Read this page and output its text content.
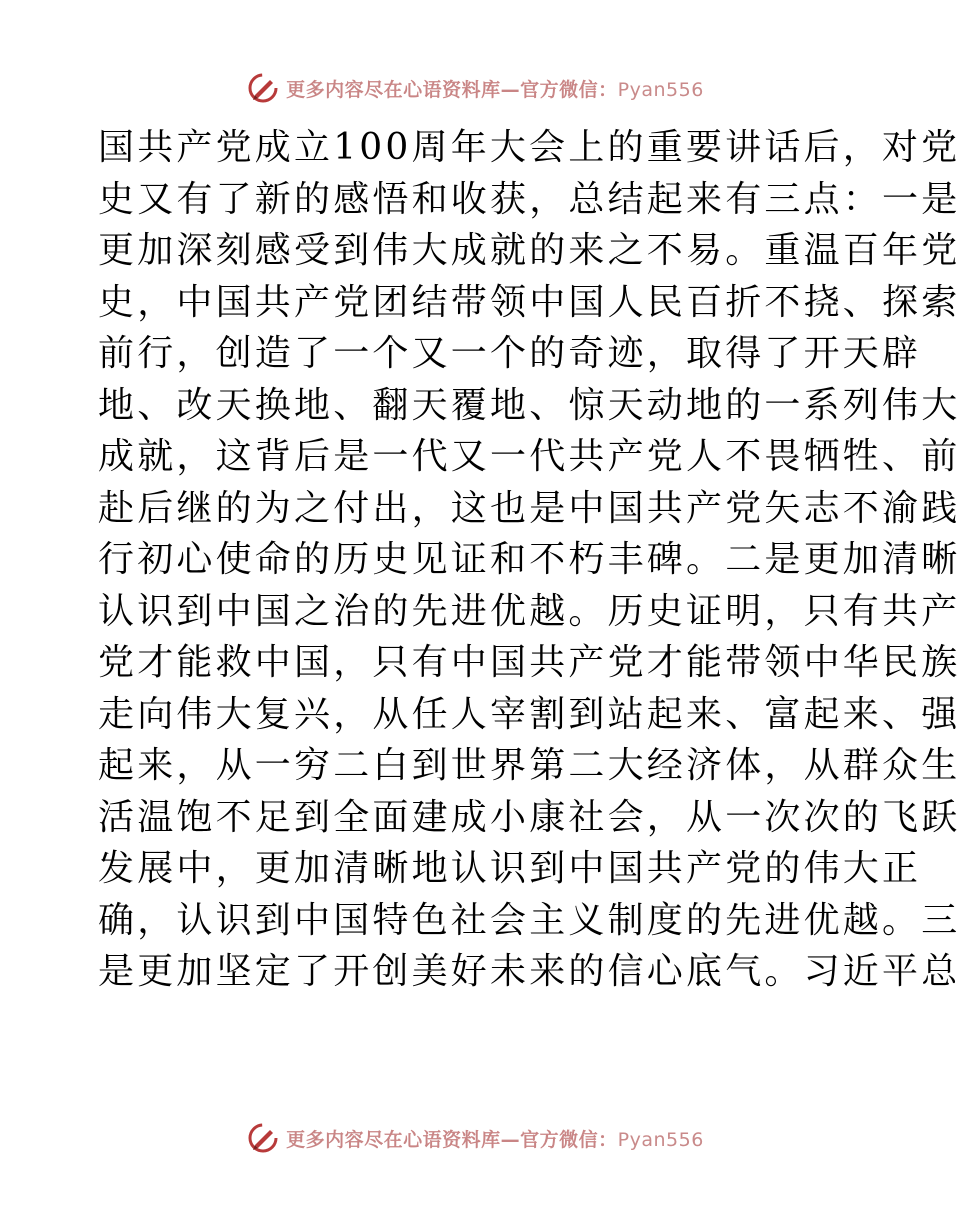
更多内容尽在心语资料库—官方微信：Pyan556
国共产党成立100周年大会上的重要讲话后，对党
史又有了新的感悟和收获，总结起来有三点：一是
更加深刻感受到伟大成就的来之不易。重温百年党
史，中国共产党团结带领中国人民百折不挠、探索
前行，创造了一个又一个的奇迹，取得了开天辟
地、改天换地、翻天覆地、惊天动地的一系列伟大
成就，这背后是一代又一代共产党人不畏牺牲、前
赴后继的为之付出，这也是中国共产党矢志不渝践
行初心使命的历史见证和不朽丰碑。二是更加清晰
认识到中国之治的先进优越。历史证明，只有共产
党才能救中国，只有中国共产党才能带领中华民族
走向伟大复兴，从任人宰割到站起来、富起来、强
起来，从一穷二白到世界第二大经济体，从群众生
活温饱不足到全面建成小康社会，从一次次的飞跃
发展中，更加清晰地认识到中国共产党的伟大正
确，认识到中国特色社会主义制度的先进优越。三
是更加坚定了开创美好未来的信心底气。习近平总
更多内容尽在心语资料库—官方微信：Pyan556
